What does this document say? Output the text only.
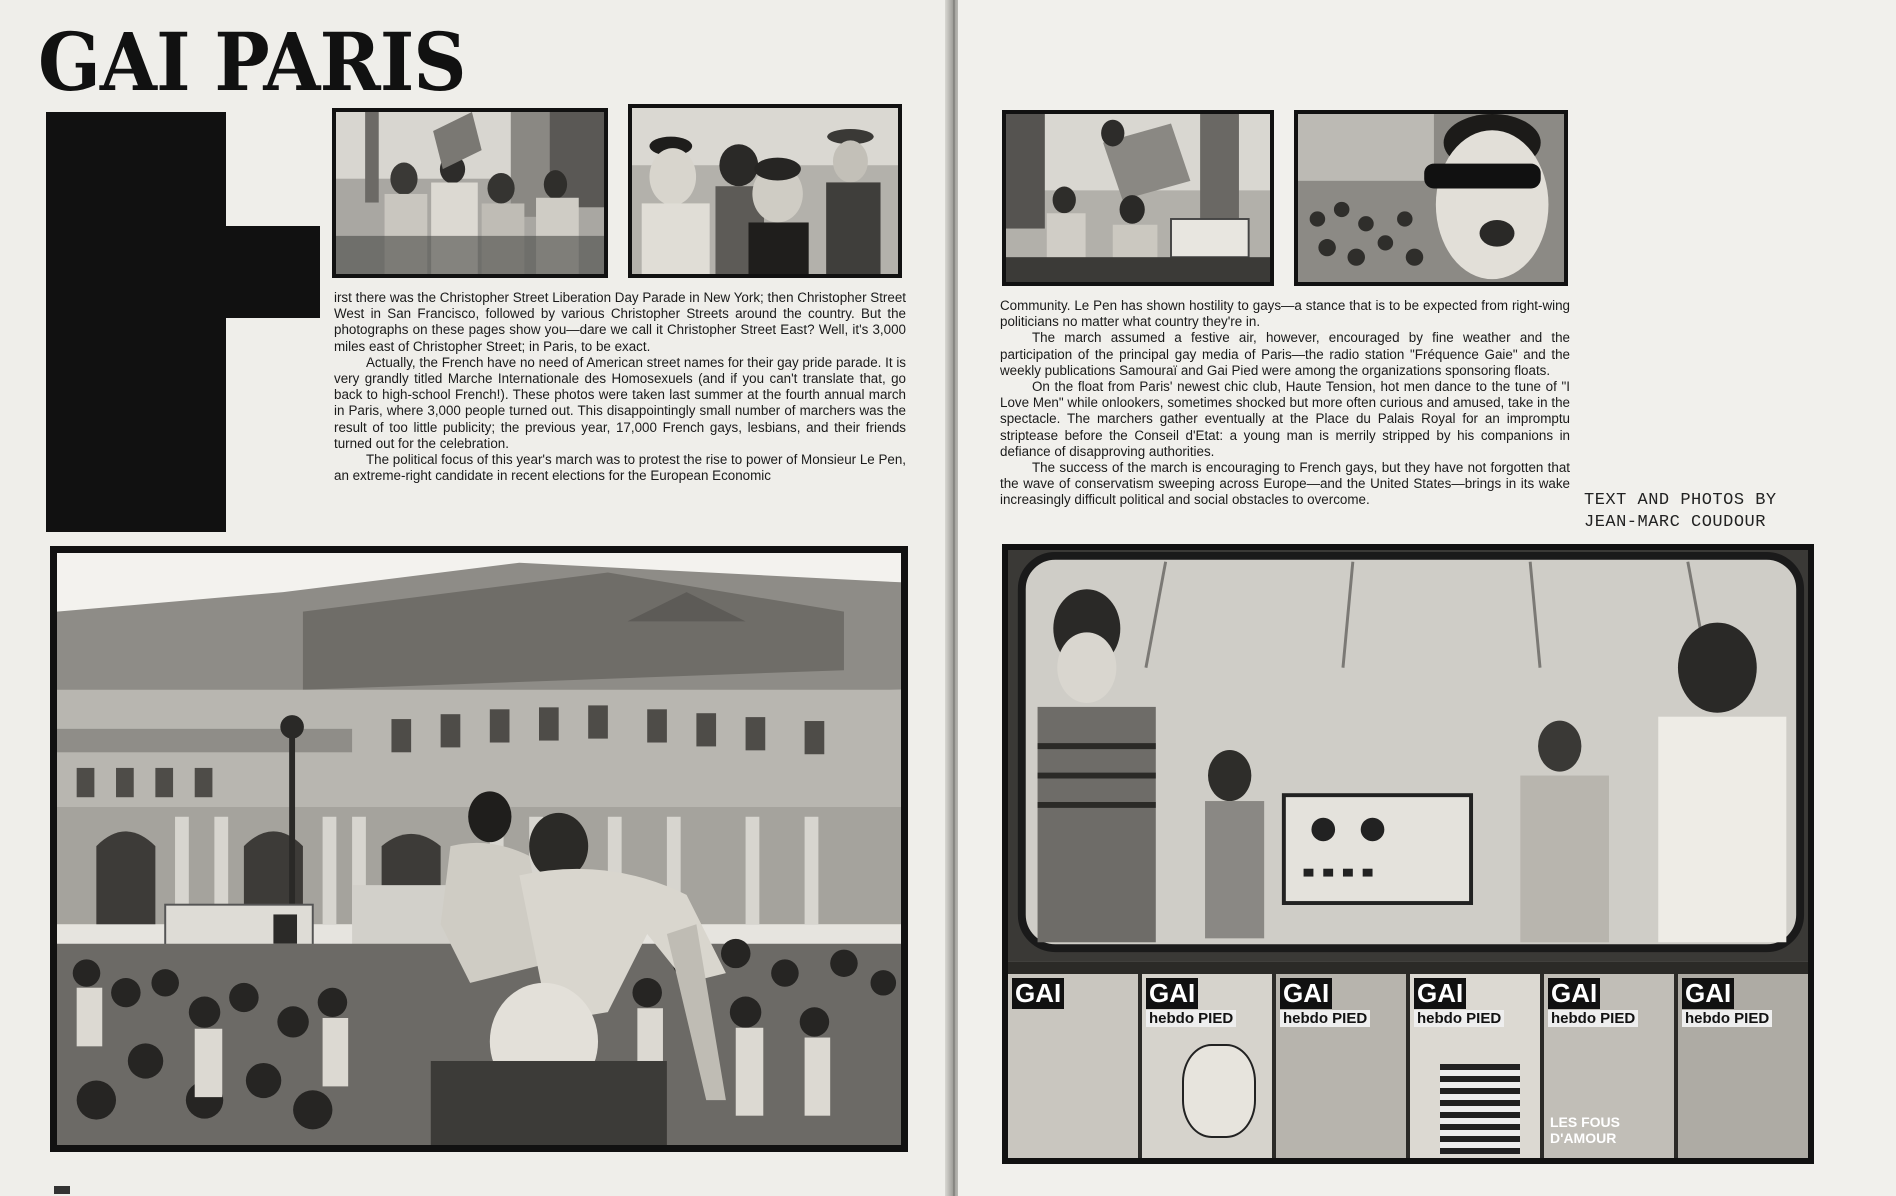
GAI PARIS

irst there was the Christopher Street Liberation Day Parade in New York; then Christopher Street West in San Francisco, followed by various Christopher Streets around the country. But the photographs on these pages show you—dare we call it Christopher Street East? Well, it's 3,000 miles east of Christopher Street; in Paris, to be exact.

Actually, the French have no need of American street names for their gay pride parade. It is very grandly titled Marche Internationale des Homosexuels (and if you can't translate that, go back to high-school French!). These photos were taken last summer at the fourth annual march in Paris, where 3,000 people turned out. This disappointingly small number of marchers was the result of too little publicity; the previous year, 17,000 French gays, lesbians, and their friends turned out for the celebration.

The political focus of this year's march was to protest the rise to power of Monsieur Le Pen, an extreme-right candidate in recent elections for the European Economic

Community. Le Pen has shown hostility to gays—a stance that is to be expected from right-wing politicians no matter what country they're in.

The march assumed a festive air, however, encouraged by fine weather and the participation of the principal gay media of Paris—the radio station "Fréquence Gaie" and the weekly publications Samouraï and Gai Pied were among the organizations sponsoring floats.

On the float from Paris' newest chic club, Haute Tension, hot men dance to the tune of "I Love Men" while onlookers, sometimes shocked but more often curious and amused, take in the spectacle. The marchers gather eventually at the Place du Palais Royal for an impromptu striptease before the Conseil d'Etat: a young man is merrily stripped by his companions in defiance of disapproving authorities.

The success of the march is encouraging to French gays, but they have not forgotten that the wave of conservatism sweeping across Europe—and the United States—brings in its wake increasingly difficult political and social obstacles to overcome.

GAI	GAI
hebdo PIED
GAI
hebdo PIED
GAI
hebdo PIED
GAI
hebdo PIED
LES FOUS D'AMOUR
GAI
hebdo PIED

TEXT AND PHOTOS BY
JEAN-MARC COUDOUR
